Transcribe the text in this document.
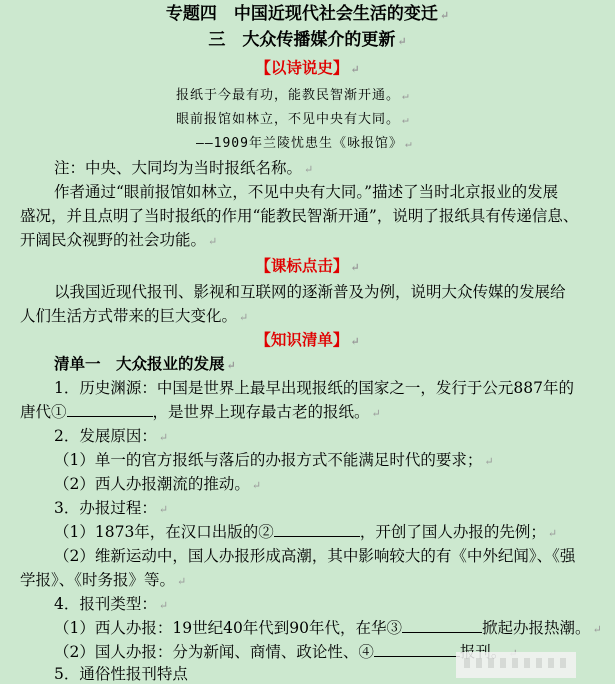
专题四　中国近现代社会生活的变迁 ↵
三　大众传播媒介的更新 ↵
【以诗说史】 ↵
报纸于今最有功，能教民智渐开通。 ↵
眼前报馆如林立，不见中央有大同。 ↵
——1909年兰陵忧患生《咏报馆》 ↵
注：中央、大同均为当时报纸名称。 ↵
作者通过“眼前报馆如林立，不见中央有大同。”描述了当时北京报业的发展
盛况，并且点明了当时报纸的作用“能教民智渐开通”，说明了报纸具有传递信息、
开阔民众视野的社会功能。 ↵
【课标点击】 ↵
以我国近现代报刊、影视和互联网的逐渐普及为例，说明大众传媒的发展给
人们生活方式带来的巨大变化。 ↵
【知识清单】 ↵
清单一　大众报业的发展 ↵
1．历史渊源：中国是世界上最早出现报纸的国家之一，发行于公元887年的
唐代①	，是世界上现存最古老的报纸。 ↵
2．发展原因： ↵
（1）单一的官方报纸与落后的办报方式不能满足时代的要求； ↵
（2）西人办报潮流的推动。 ↵
3．办报过程： ↵
（1）1873年，在汉口出版的②	，开创了国人办报的先例； ↵
（2）维新运动中，国人办报形成高潮，其中影响较大的有《中外纪闻》、《强
学报》、《时务报》等。 ↵
4．报刊类型： ↵
（1）西人办报：19世纪40年代到90年代，在华③	掀起办报热潮。 ↵
（2）国人办报：分为新闻、商情、政论性、④
5．通俗性报刊特点
